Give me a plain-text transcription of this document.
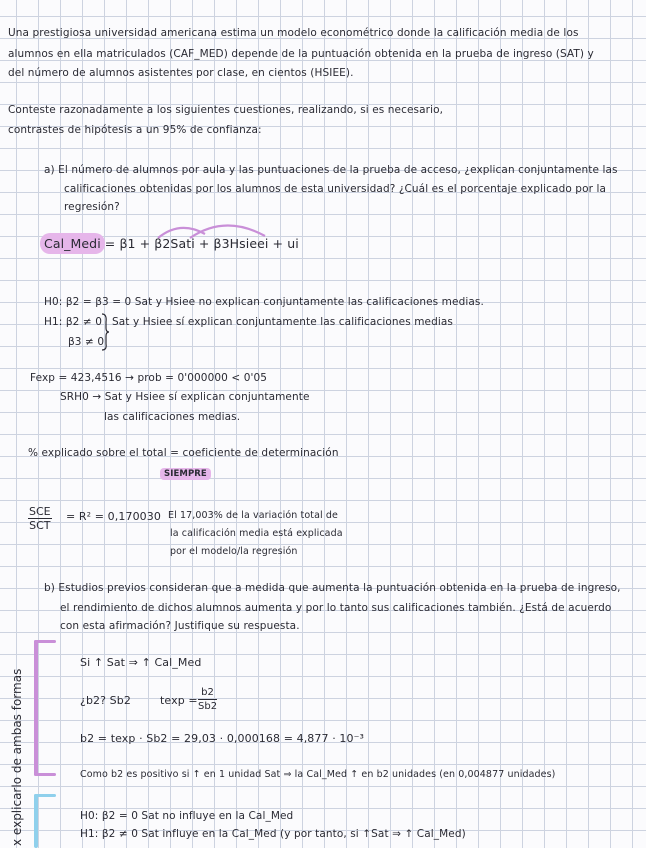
Una prestigiosa universidad americana estima un modelo econométrico donde la calificación media de los
alumnos en ella matriculados (CAF_MED) depende de la puntuación obtenida en la prueba de ingreso (SAT) y
del número de alumnos asistentes por clase, en cientos (HSIEE).
Conteste razonadamente a los siguientes cuestiones, realizando, si es necesario,
contrastes de hipótesis a un 95% de confianza:
a) El número de alumnos por aula y las puntuaciones de la prueba de acceso, ¿explican conjuntamente las
calificaciones obtenidas por los alumnos de esta universidad? ¿Cuál es el porcentaje explicado por la
regresión?
Cal_Medi = β1 + β2Sati + β3Hsieei + ui
H0: β2 = β3 = 0 Sat y Hsiee no explican conjuntamente las calificaciones medias.
H1: β2 ≠ 0 Sat y Hsiee sí explican conjuntamente las calificaciones medias
β3 ≠ 0
Fexp = 423,4516 → prob = 0'000000 < 0'05
SRH0 → Sat y Hsiee sí explican conjuntamente
las calificaciones medias.
% explicado sobre el total = coeficiente de determinación
SIEMPRE
SCE
SCT
= R² = 0,170030 El 17,003% de la variación total de
la calificación media está explicada
por el modelo/la regresión
b) Estudios previos consideran que a medida que aumenta la puntuación obtenida en la prueba de ingreso,
el rendimiento de dichos alumnos aumenta y por lo tanto sus calificaciones también. ¿Está de acuerdo
con esta afirmación? Justifique su respuesta.
x explicarlo de ambas formas
Si ↑ Sat ⇒ ↑ Cal_Med
¿b2? Sb2	$texp = \frac{b2}{Sb2}$
b2 = texp · Sb2 = 29,03 · 0,000168 = 4,877 · 10⁻³
Como b2 es positivo si ↑ en 1 unidad Sat ⇒ la Cal_Med ↑ en b2 unidades (en 0,004877 unidades)
H0: β2 = 0 Sat no influye en la Cal_Med
H1: β2 ≠ 0 Sat influye en la Cal_Med (y por tanto, si ↑Sat ⇒ ↑ Cal_Med)
